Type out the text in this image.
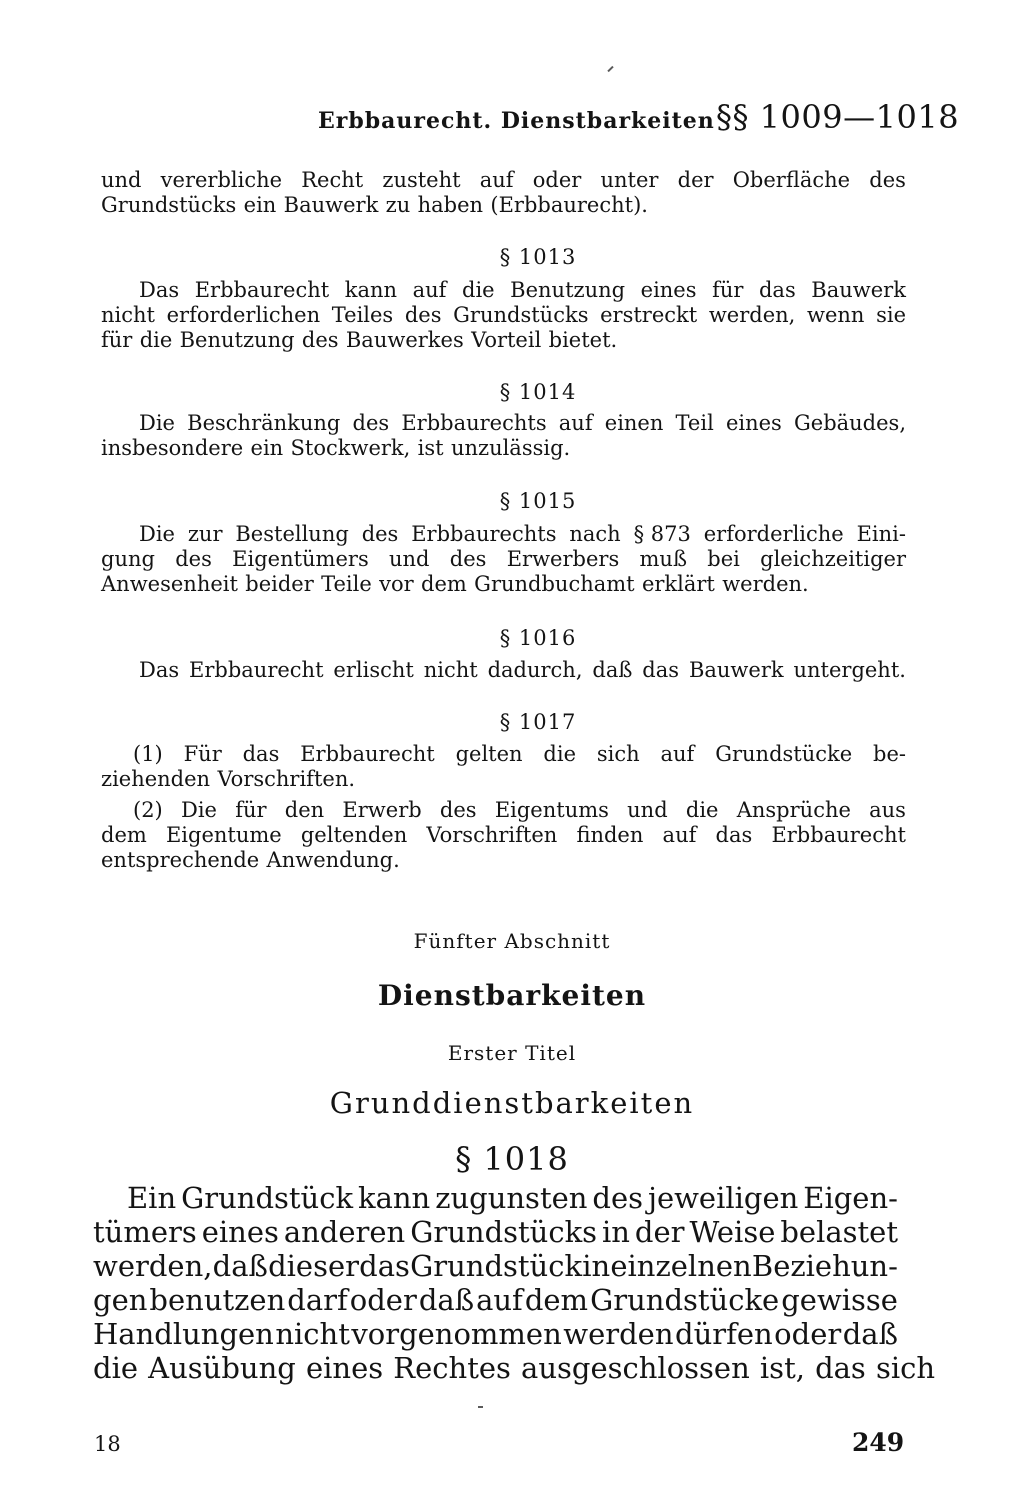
Erbbaurecht. Dienstbarkeiten §§ 1009—1018
und vererbliche Recht zusteht auf oder unter der Oberfläche des
Grundstücks ein Bauwerk zu haben (Erbbaurecht).
§ 1013
Das Erbbaurecht kann auf die Benutzung eines für das Bauwerk
nicht erforderlichen Teiles des Grundstücks erstreckt werden, wenn sie
für die Benutzung des Bauwerkes Vorteil bietet.
§ 1014
Die Beschränkung des Erbbaurechts auf einen Teil eines Gebäudes,
insbesondere ein Stockwerk, ist unzulässig.
§ 1015
Die zur Bestellung des Erbbaurechts nach § 873 erforderliche Eini-
gung des Eigentümers und des Erwerbers muß bei gleichzeitiger
Anwesenheit beider Teile vor dem Grundbuchamt erklärt werden.
§ 1016
Das Erbbaurecht erlischt nicht dadurch, daß das Bauwerk untergeht.
§ 1017
(1) Für das Erbbaurecht gelten die sich auf Grundstücke be-
ziehenden Vorschriften.
(2) Die für den Erwerb des Eigentums und die Ansprüche aus
dem Eigentume geltenden Vorschriften finden auf das Erbbaurecht
entsprechende Anwendung.
Fünfter Abschnitt
Dienstbarkeiten
Erster Titel
Grunddienstbarkeiten
§ 1018
Ein Grundstück kann zugunsten des jeweiligen Eigen-
tümers eines anderen Grundstücks in der Weise belastet
werden, daß dieser das Grundstück in einzelnen Beziehun-
gen benutzen darf oder daß auf dem Grundstücke gewisse
Handlungen nicht vorgenommen werden dürfen oder daß
die Ausübung eines Rechtes ausgeschlossen ist, das sich
18	249
